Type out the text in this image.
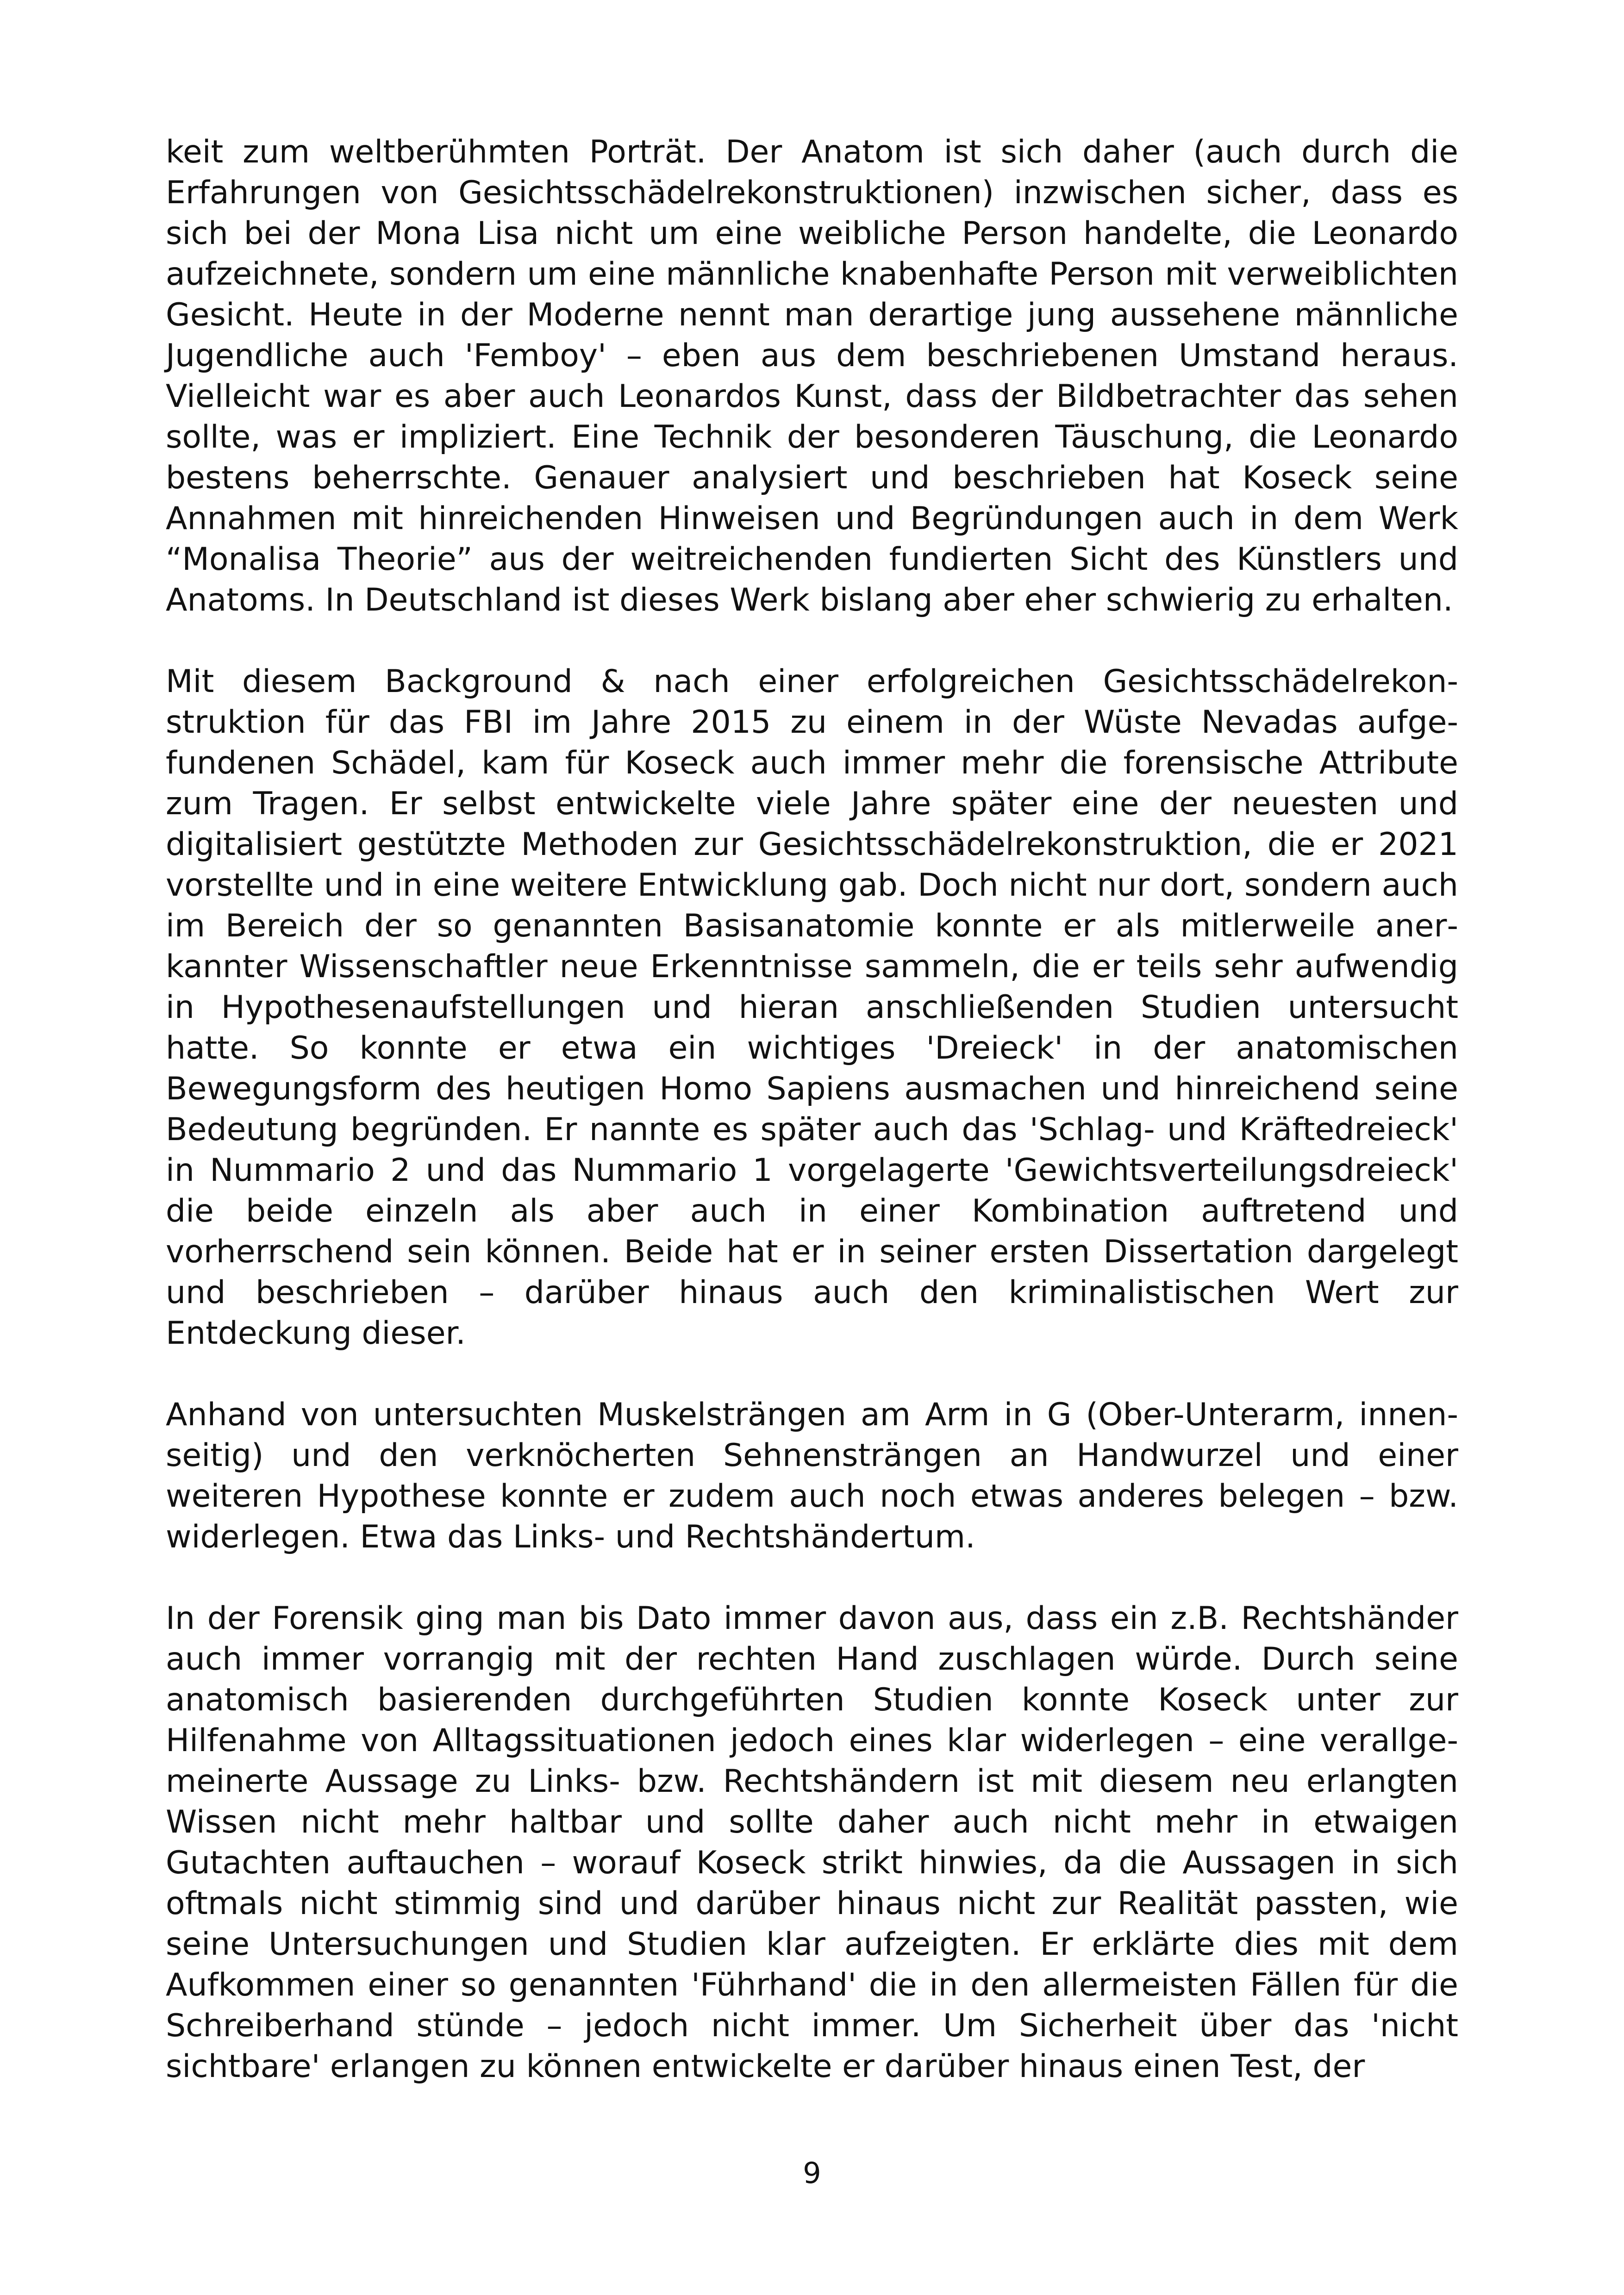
keit zum weltberühmten Porträt. Der Anatom ist sich daher (auch durch die Erfahrungen von Gesichtsschädelrekonstruktionen) inzwischen sicher, dass es sich bei der Mona Lisa nicht um eine weibliche Person handelte, die Leonardo aufzeichnete, sondern um eine männliche knabenhafte Person mit verweiblichten Gesicht. Heute in der Moderne nennt man derartige jung aussehene männliche Jugendliche auch 'Femboy' – eben aus dem beschriebenen Umstand heraus. Vielleicht war es aber auch Leonardos Kunst, dass der Bildbetrachter das sehen sollte, was er impliziert. Eine Technik der besonderen Täuschung, die Leonardo bestens beherrschte. Genauer analysiert und beschrieben hat Koseck seine Annahmen mit hinreichenden Hinweisen und Begründungen auch in dem Werk “Monalisa Theorie” aus der weitreichenden fundierten Sicht des Künstlers und Anatoms. In Deutschland ist dieses Werk bislang aber eher schwierig zu erhalten.

Mit diesem Background & nach einer erfolgreichen Gesichtsschädelrekonstruktion für das FBI im Jahre 2015 zu einem in der Wüste Nevadas aufgefundenen Schädel, kam für Koseck auch immer mehr die forensische Attribute zum Tragen. Er selbst entwickelte viele Jahre später eine der neuesten und digitalisiert gestützte Methoden zur Gesichtsschädelrekonstruktion, die er 2021 vorstellte und in eine weitere Entwicklung gab. Doch nicht nur dort, sondern auch im Bereich der so genannten Basisanatomie konnte er als mitlerweile anerkannter Wissenschaftler neue Erkenntnisse sammeln, die er teils sehr aufwendig in Hypothesenaufstellungen und hieran anschließenden Studien untersucht hatte. So konnte er etwa ein wichtiges 'Dreieck' in der anatomischen Bewegungsform des heutigen Homo Sapiens ausmachen und hinreichend seine Bedeutung begründen. Er nannte es später auch das 'Schlag- und Kräftedreieck' in Nummario 2 und das Nummario 1 vorgelagerte 'Gewichtsverteilungsdreieck' die beide einzeln als aber auch in einer Kombination auftretend und vorherrschend sein können. Beide hat er in seiner ersten Dissertation dargelegt und beschrieben – darüber hinaus auch den kriminalistischen Wert zur Entdeckung dieser.

Anhand von untersuchten Muskelsträngen am Arm in G (Ober-Unterarm, innenseitig) und den verknöcherten Sehnensträngen an Handwurzel und einer weiteren Hypothese konnte er zudem auch noch etwas anderes belegen – bzw. widerlegen. Etwa das Links- und Rechtshändertum.

In der Forensik ging man bis Dato immer davon aus, dass ein z.B. Rechtshänder auch immer vorrangig mit der rechten Hand zuschlagen würde. Durch seine anatomisch basierenden durchgeführten Studien konnte Koseck unter zur Hilfenahme von Alltagssituationen jedoch eines klar widerlegen – eine verallgemeinerte Aussage zu Links- bzw. Rechtshändern ist mit diesem neu erlangten Wissen nicht mehr haltbar und sollte daher auch nicht mehr in etwaigen Gutachten auftauchen – worauf Koseck strikt hinwies, da die Aussagen in sich oftmals nicht stimmig sind und darüber hinaus nicht zur Realität passten, wie seine Untersuchungen und Studien klar aufzeigten. Er erklärte dies mit dem Aufkommen einer so genannten 'Führhand' die in den allermeisten Fällen für die Schreiberhand stünde – jedoch nicht immer. Um Sicherheit über das 'nicht sichtbare' erlangen zu können entwickelte er darüber hinaus einen Test, der

9
